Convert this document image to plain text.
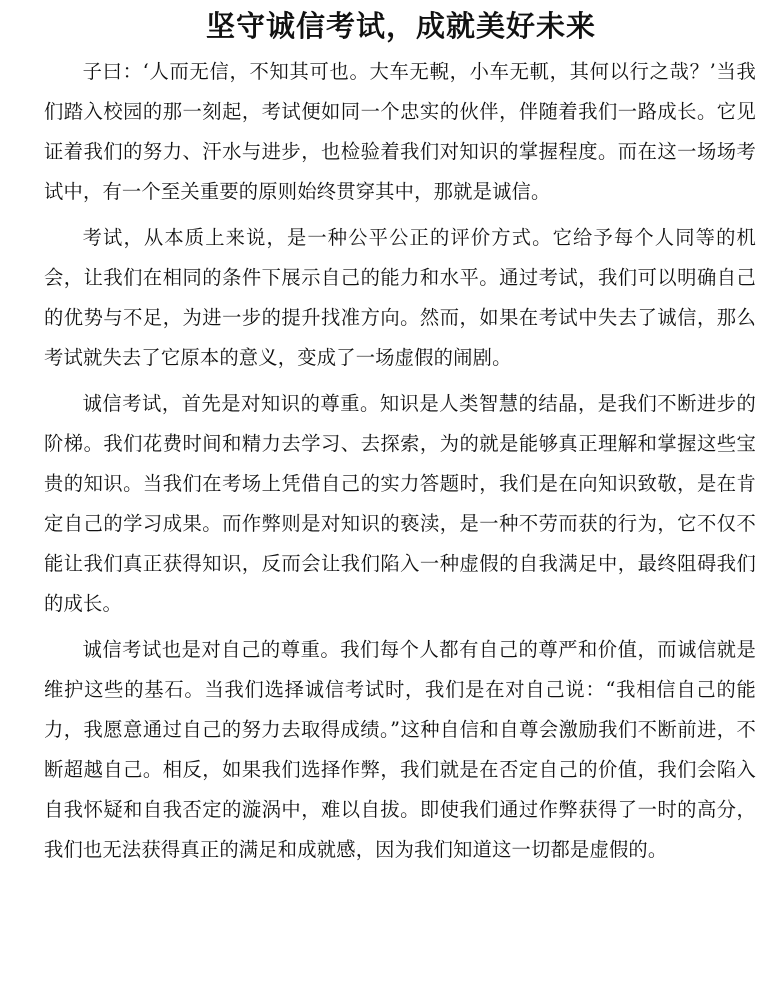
坚守诚信考试，成就美好未来

子曰：‘人而无信，不知其可也。大车无輗，小车无軏，其何以行之哉？’当我们踏入校园的那一刻起，考试便如同一个忠实的伙伴，伴随着我们一路成长。它见证着我们的努力、汗水与进步，也检验着我们对知识的掌握程度。而在这一场场考试中，有一个至关重要的原则始终贯穿其中，那就是诚信。

考试，从本质上来说，是一种公平公正的评价方式。它给予每个人同等的机会，让我们在相同的条件下展示自己的能力和水平。通过考试，我们可以明确自己的优势与不足，为进一步的提升找准方向。然而，如果在考试中失去了诚信，那么考试就失去了它原本的意义，变成了一场虚假的闹剧。

诚信考试，首先是对知识的尊重。知识是人类智慧的结晶，是我们不断进步的阶梯。我们花费时间和精力去学习、去探索，为的就是能够真正理解和掌握这些宝贵的知识。当我们在考场上凭借自己的实力答题时，我们是在向知识致敬，是在肯定自己的学习成果。而作弊则是对知识的亵渎，是一种不劳而获的行为，它不仅不能让我们真正获得知识，反而会让我们陷入一种虚假的自我满足中，最终阻碍我们的成长。

诚信考试也是对自己的尊重。我们每个人都有自己的尊严和价值，而诚信就是维护这些的基石。当我们选择诚信考试时，我们是在对自己说：“我相信自己的能力，我愿意通过自己的努力去取得成绩。”这种自信和自尊会激励我们不断前进，不断超越自己。相反，如果我们选择作弊，我们就是在否定自己的价值，我们会陷入自我怀疑和自我否定的漩涡中，难以自拔。即使我们通过作弊获得了一时的高分，我们也无法获得真正的满足和成就感，因为我们知道这一切都是虚假的。
